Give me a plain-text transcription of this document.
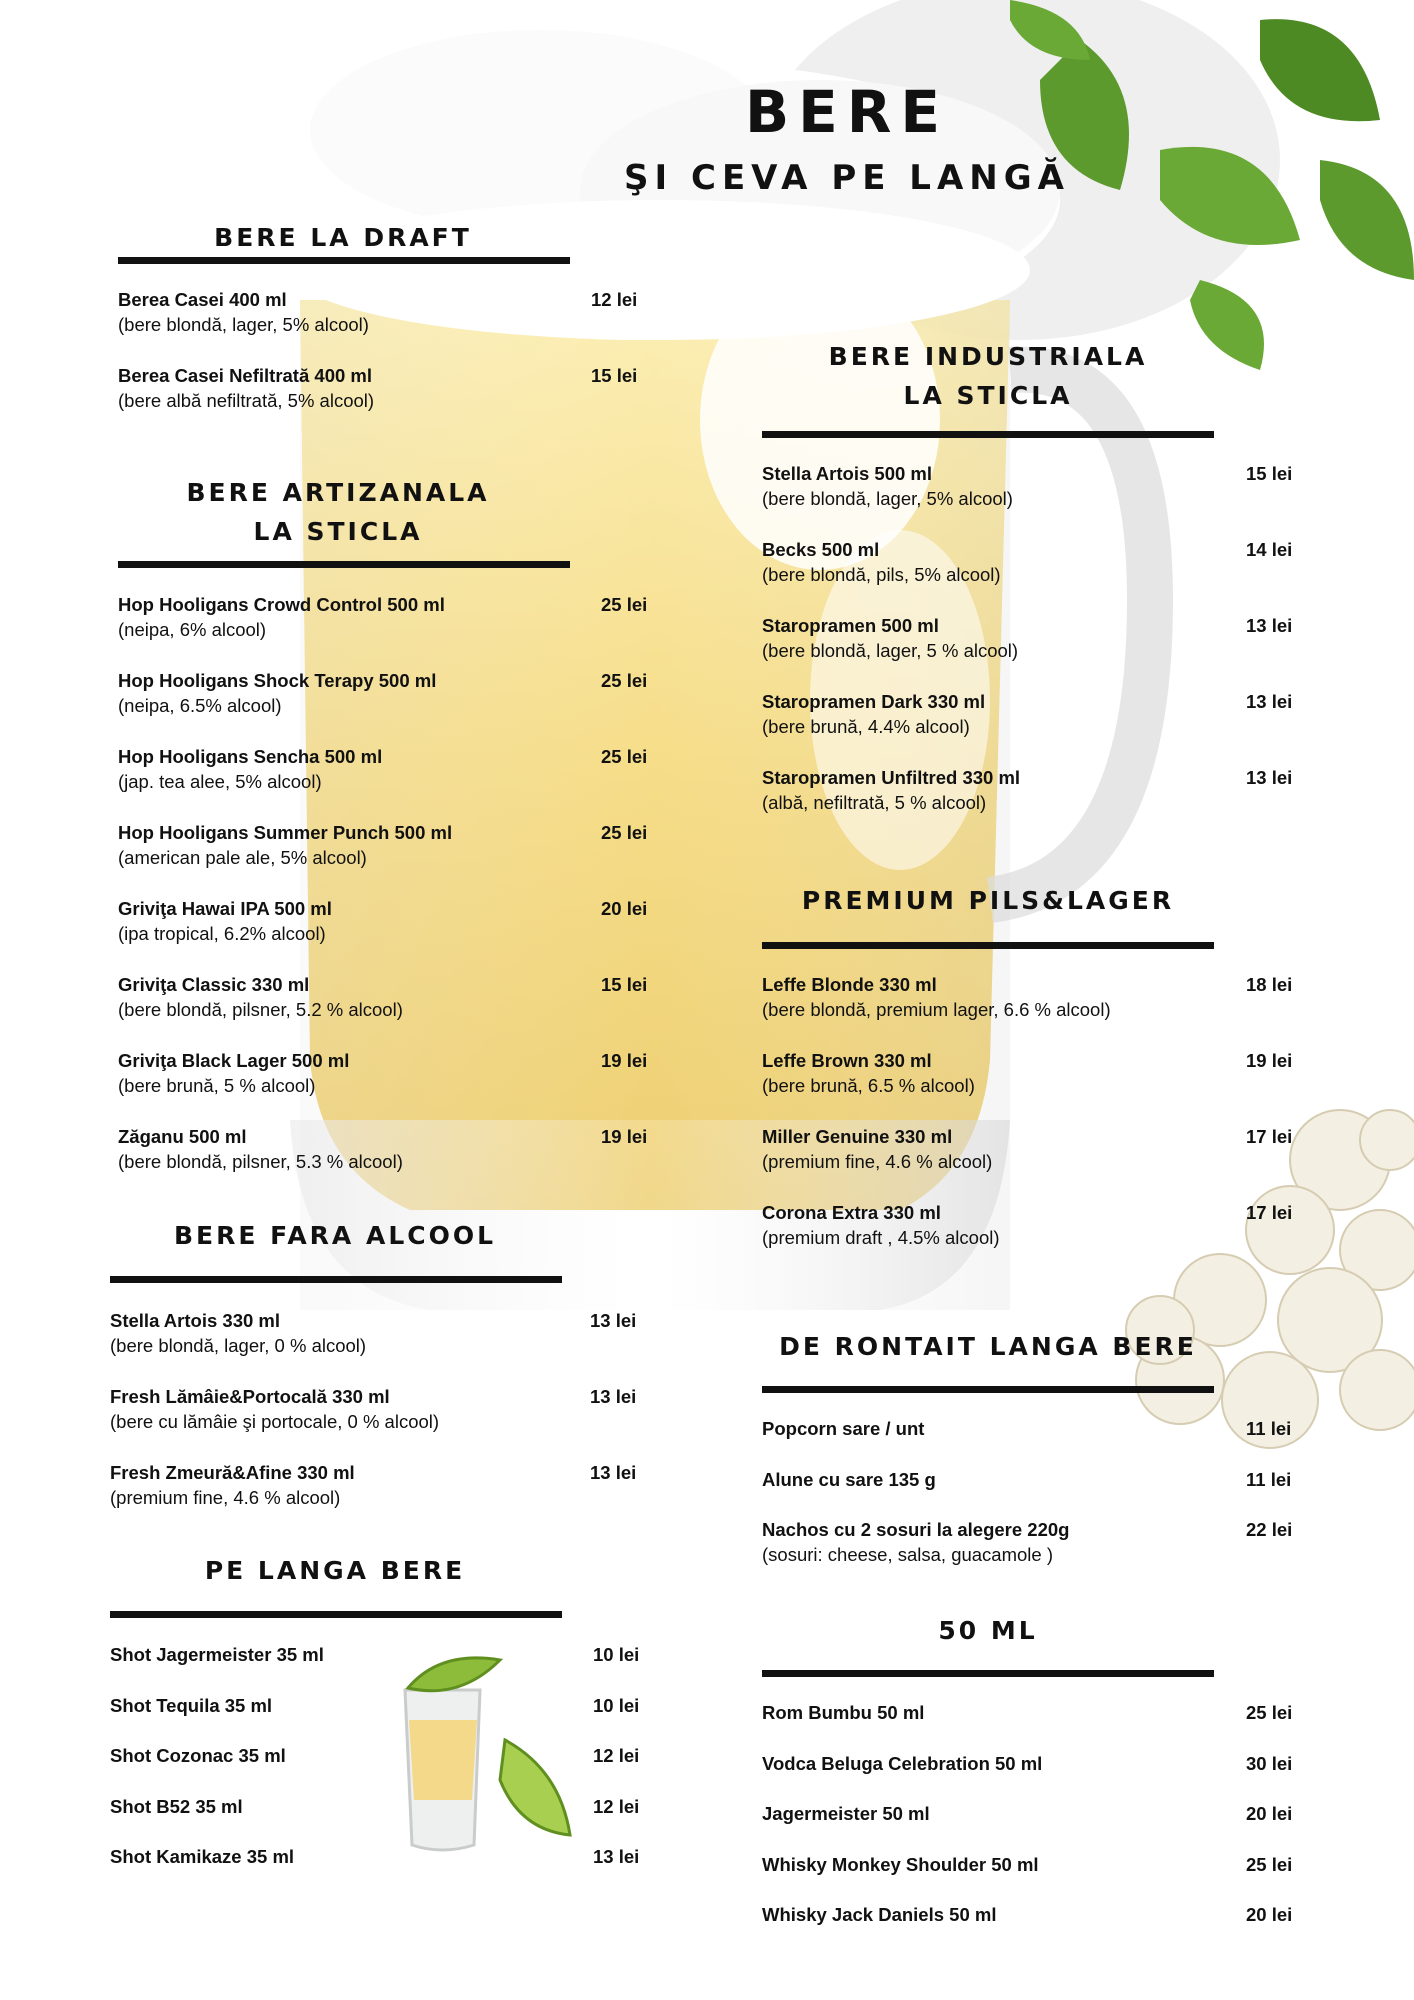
BERE
ŞI CEVA PE LANGĂ
BERE LA DRAFT
Berea Casei 400 ml
(bere blondă, lager, 5% alcool)
12 lei
Berea Casei Nefiltrată 400 ml
(bere albă nefiltrată, 5% alcool)
15 lei
BERE ARTIZANALA
LA STICLA
Hop Hooligans Crowd Control 500 ml
(neipa, 6% alcool)
25 lei
Hop Hooligans Shock Terapy 500 ml
(neipa, 6.5% alcool)
25 lei
Hop Hooligans Sencha 500 ml
(jap. tea alee, 5% alcool)
25 lei
Hop Hooligans Summer Punch 500 ml
(american pale ale, 5% alcool)
25 lei
Griviţa Hawai IPA 500 ml
(ipa tropical, 6.2% alcool)
20 lei
Griviţa Classic 330 ml
(bere blondă, pilsner, 5.2 % alcool)
15 lei
Griviţa Black Lager 500 ml
(bere brună, 5 % alcool)
19 lei
Zăganu 500 ml
(bere blondă, pilsner, 5.3 % alcool)
19 lei
BERE FARA ALCOOL
Stella Artois 330 ml
(bere blondă, lager, 0 % alcool)
13 lei
Fresh Lămâie&Portocală 330 ml
(bere cu lămâie şi portocale, 0 % alcool)
13 lei
Fresh Zmeură&Afine 330 ml
(premium fine, 4.6 % alcool)
13 lei
PE LANGA BERE
Shot Jagermeister 35 ml	10 lei
Shot Tequila 35 ml	10 lei
Shot Cozonac 35 ml	12 lei
Shot B52 35 ml	12 lei
Shot Kamikaze 35 ml	13 lei
BERE INDUSTRIALA
LA STICLA
Stella Artois 500 ml
(bere blondă, lager, 5% alcool)
15 lei
Becks 500 ml
(bere blondă, pils, 5% alcool)
14 lei
Staropramen 500 ml
(bere blondă, lager, 5 % alcool)
13 lei
Staropramen Dark 330 ml
(bere brună, 4.4% alcool)
13 lei
Staropramen Unfiltred 330 ml
(albă, nefiltrată, 5 % alcool)
13 lei
PREMIUM PILS&LAGER
Leffe Blonde 330 ml
(bere blondă, premium lager, 6.6 % alcool)
18 lei
Leffe Brown 330 ml
(bere brună, 6.5 % alcool)
19 lei
Miller Genuine 330 ml
(premium fine, 4.6 % alcool)
17 lei
Corona Extra 330 ml
(premium draft , 4.5% alcool)
17 lei
DE RONTAIT LANGA BERE
Popcorn sare / unt	11 lei
Alune cu sare 135 g	11 lei
Nachos cu 2 sosuri la alegere 220g
(sosuri: cheese, salsa, guacamole )
22 lei
50 ML
Rom Bumbu 50 ml	25 lei
Vodca Beluga Celebration 50 ml	30 lei
Jagermeister 50 ml	20 lei
Whisky Monkey Shoulder 50 ml	25 lei
Whisky Jack Daniels 50 ml	20 lei
